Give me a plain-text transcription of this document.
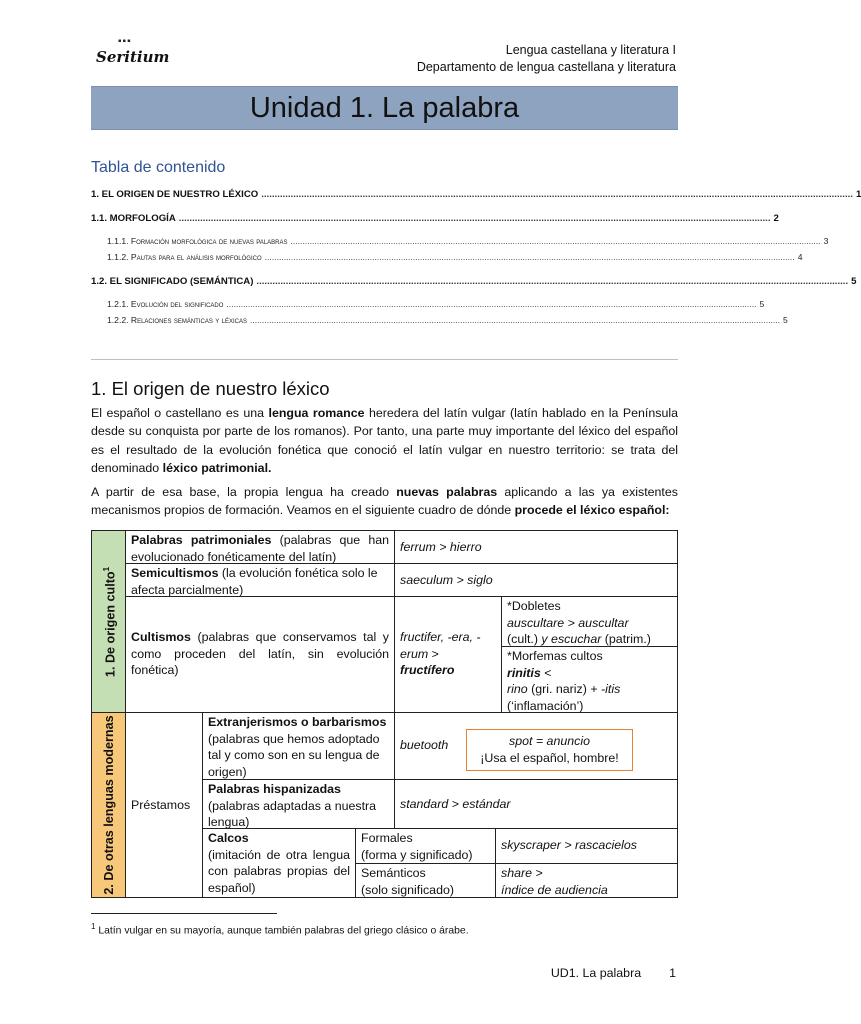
▪▪▪
Seritium	Lengua castellana y literatura I
Departamento de lengua castellana y literatura
Unidad 1. La palabra
Tabla de contenido
1. EL ORIGEN DE NUESTRO LÉXICO .............................................................................................................................................................................................................................. 1
1.1. MORFOLOGÍA .............................................................................................................................................................................................................................. 2
1.1.1. Formación morfológica de nuevas palabras .............................................................................................................................................................................................................................. 3
1.1.2. Pautas para el análisis morfológico .............................................................................................................................................................................................................................. 4
1.2. EL SIGNIFICADO (SEMÁNTICA) .............................................................................................................................................................................................................................. 5
1.2.1. Evolución del significado .............................................................................................................................................................................................................................. 5
1.2.2. Relaciones semánticas y léxicas .............................................................................................................................................................................................................................. 5
1. El origen de nuestro léxico
El español o castellano es una lengua romance heredera del latín vulgar (latín hablado en la Península desde su conquista por parte de los romanos). Por tanto, una parte muy importante del léxico del español es el resultado de la evolución fonética que conoció el latín vulgar en nuestro territorio: se trata del denominado léxico patrimonial.
A partir de esa base, la propia lengua ha creado nuevas palabras aplicando a las ya existentes mecanismos propios de formación. Veamos en el siguiente cuadro de dónde procede el léxico español:
1. De origen culto$^1$
2. De otras lenguas modernas
Palabras patrimoniales (palabras que han evolucionado fonéticamente del latín)
ferrum > hierro
Semicultismos (la evolución fonética solo le afecta parcialmente)
saeculum > siglo
Cultismos (palabras que conservamos tal y como proceden del latín, sin evolución fonética)
fructifer, -era, -erum >
fructífero
*Dobletes
auscultare > auscultar
(cult.) y escuchar (patrim.)
*Morfemas cultos
rinitis <
rino (gri. nariz) + -itis
(‘inflamación’)
Préstamos
Extranjerismos o barbarismos
(palabras que hemos adoptado tal y como son en su lengua de origen)
buetooth
Palabras hispanizadas
(palabras adaptadas a nuestra lengua)
standard > estándar
Calcos
(imitación de otra lengua con palabras propias del español)
Formales
(forma y significado)
skyscraper > rascacielos
Semánticos
(solo significado)
share >
índice de audiencia
spot = anuncio
¡Usa el español, hombre!
$^1$ Latín vulgar en su mayoría, aunque también palabras del griego clásico o árabe.
UD1. La palabra 1
